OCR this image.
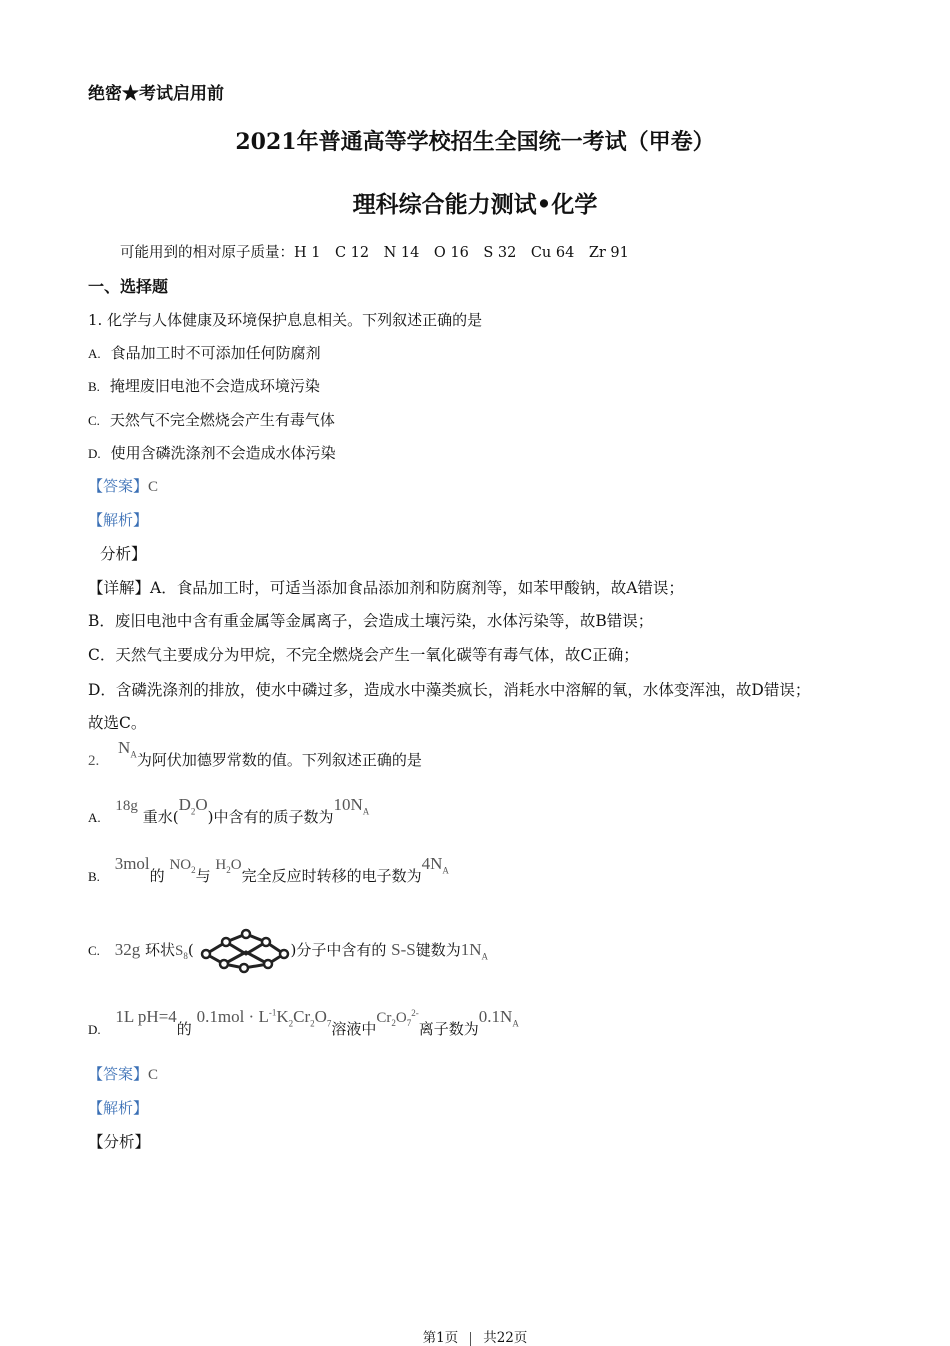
绝密★考试启用前
2021年普通高等学校招生全国统一考试（甲卷）
理科综合能力测试•化学
可能用到的相对原子质量：H 1　C 12　N 14　O 16　S 32　Cu 64　Zr 91
一、选择题
1. 化学与人体健康及环境保护息息相关。下列叙述正确的是
A. 食品加工时不可添加任何防腐剂
B. 掩埋废旧电池不会造成环境污染
C. 天然气不完全燃烧会产生有毒气体
D. 使用含磷洗涤剂不会造成水体污染
【答案】C
【解析】
分析】
【详解】A．食品加工时，可适当添加食品添加剂和防腐剂等，如苯甲酸钠，故A错误；
B．废旧电池中含有重金属等金属离子，会造成土壤污染，水体污染等，故B错误；
C．天然气主要成分为甲烷，不完全燃烧会产生一氧化碳等有毒气体，故C正确；
D．含磷洗涤剂的排放，使水中磷过多，造成水中藻类疯长，消耗水中溶解的氧，水体变浑浊，故D错误；
故选C。
2. $N_A$为阿伏加德罗常数的值。下列叙述正确的是
A. 18g 重水$(D_2O)$中含有的质子数为$10N_A$
B. 3mol的 $NO_2$与 $H_2O$完全反应时转移的电子数为$4N_A$
C. 32g 环状$S_8$(	)分子中含有的 S-S键数为$1N_A$
D. 1L pH=4的 $0.1mol \cdot L^{-1}K_2Cr_2O_7$溶液中$Cr_2O_7^{2-}$离子数为$0.1N_A$
【答案】C
【解析】
【分析】
第1页 共22页
